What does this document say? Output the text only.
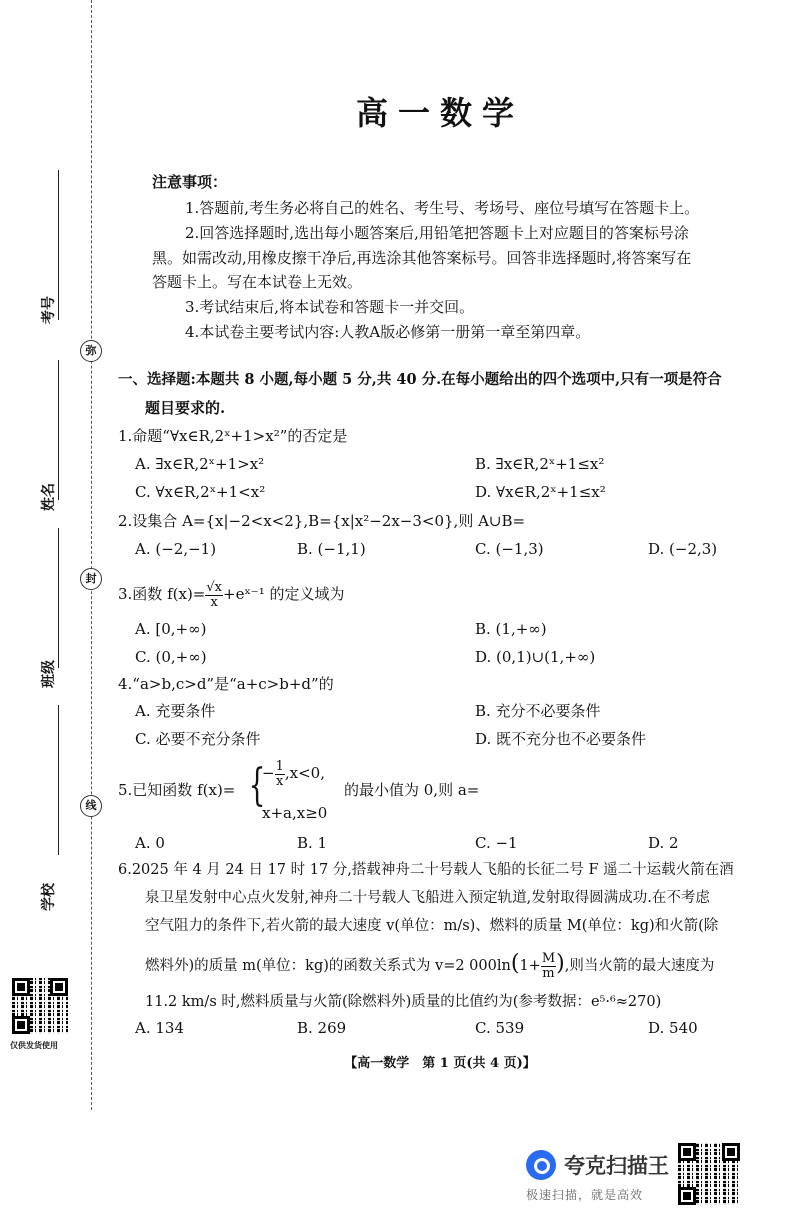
考号
弥
姓名
封
班级
线
学校
仅供发货使用
高一数学
注意事项：
1.答题前,考生务必将自己的姓名、考生号、考场号、座位号填写在答题卡上。
2.回答选择题时,选出每小题答案后,用铅笔把答题卡上对应题目的答案标号涂
黑。如需改动,用橡皮擦干净后,再选涂其他答案标号。回答非选择题时,将答案写在
答题卡上。写在本试卷上无效。
3.考试结束后,将本试卷和答题卡一并交回。
4.本试卷主要考试内容:人教A版必修第一册第一章至第四章。
一、选择题:本题共 8 小题,每小题 5 分,共 40 分.在每小题给出的四个选项中,只有一项是符合
题目要求的.
1.命题“∀x∈R,2ˣ+1>x²”的否定是
A. ∃x∈R,2ˣ+1>x²	B. ∃x∈R,2ˣ+1≤x²
C. ∀x∈R,2ˣ+1<x²	D. ∀x∈R,2ˣ+1≤x²
2.设集合 A={x|−2<x<2},B={x|x²−2x−3<0},则 A∪B=
A. (−2,−1)	B. (−1,1)	C. (−1,3)	D. (−2,3)
3.函数 $f(x)= \frac{√x}{x}$ +eˣ⁻¹ 的定义域为
A. [0,+∞)	B. (1,+∞)
C. (0,+∞)	D. (0,1)∪(1,+∞)
4.“a>b,c>d”是“a+c>b+d”的
A. 充要条件	B. 充分不必要条件
C. 必要不充分条件	D. 既不充分也不必要条件
5.已知函数 f(x)= {
− $\frac{1}{x} ,x<0$,
x+a,x≥0
的最小值为 0,则 a=
A. 0	B. 1	C. −1	D. 2
6.2025 年 4 月 24 日 17 时 17 分,搭载神舟二十号载人飞船的长征二号 F 遥二十运载火箭在酒
泉卫星发射中心点火发射,神舟二十号载人飞船进入预定轨道,发射取得圆满成功.在不考虑
空气阻力的条件下,若火箭的最大速度 v(单位：m/s)、燃料的质量 M(单位：kg)和火箭(除
燃料外)的质量 m(单位：kg)的函数关系式为 v=2 $000\ln(1+ \frac{M}{m}$ ),则当火箭的最大速度为
11.2 km/s 时,燃料质量与火箭(除燃料外)质量的比值约为(参考数据：e⁵·⁶≈270)
A. 134	B. 269	C. 539	D. 540
【高一数学　第 1 页(共 4 页)】
夸克扫描王
极速扫描，就是高效
